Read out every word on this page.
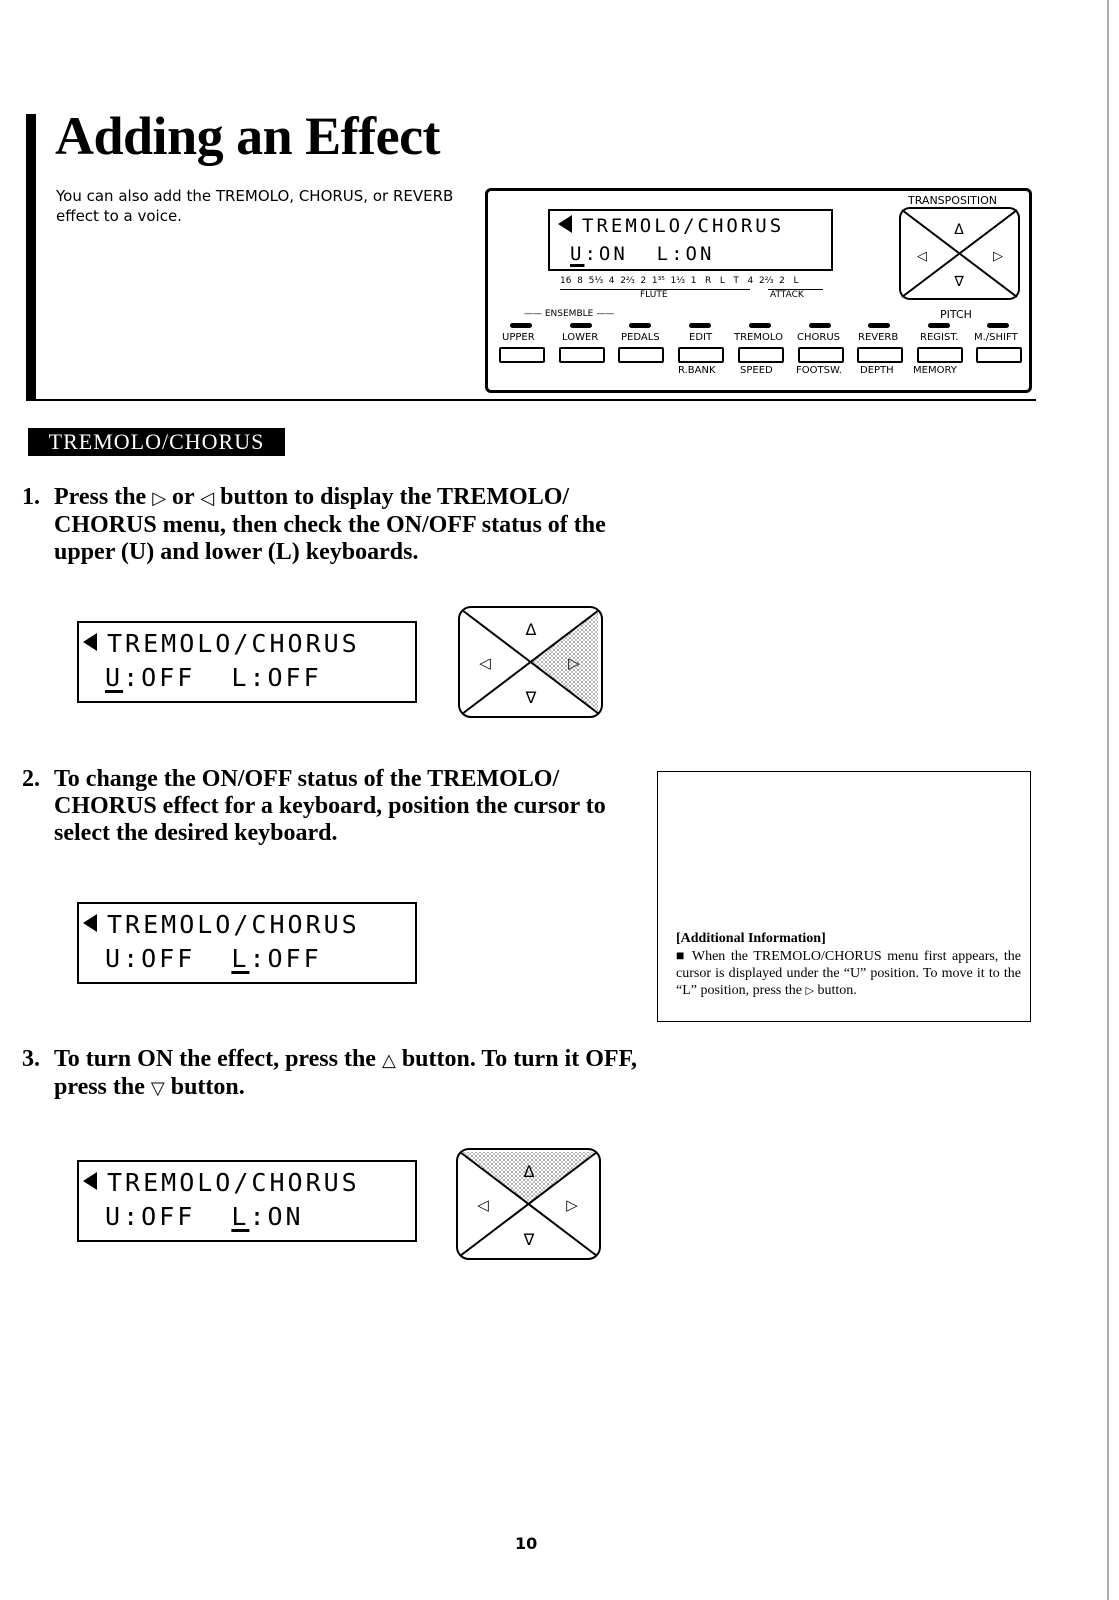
Adding an Effect
You can also add the TREMOLO, CHORUS, or REVERB effect to a voice.	TREMOLO/CHORUS
U:ON  L:ON
16  8  5⅓  4  2⅔  2  1³⁵  1⅓  1   R   L   T   4  2⅔  2   L
FLUTE	ATTACK
—— ENSEMBLE ——
TRANSPOSITION
PITCH
Δ
∇
◁	▷
UPPER	LOWER PEDALS	EDIT TREMOLO CHORUS REVERB REGIST. M./SHIFT
R.BANK SPEED FOOTSW. DEPTH MEMORY
TREMOLO/CHORUS
1. Press the ▷ or ◁ button to display the TREMOLO/ CHORUS menu, then check the ON/OFF status of the upper (U) and lower (L) keyboards.
TREMOLO/CHORUS
U:OFF  L:OFF
Δ
∇
◁	▷
2. To change the ON/OFF status of the TREMOLO/ CHORUS effect for a keyboard, position the cursor to select the desired keyboard.
TREMOLO/CHORUS
U:OFF  L:OFF
[Additional Information]
■ When the TREMOLO/CHORUS menu first appears, the cursor is displayed under the “U” position. To move it to the “L” position, press the ▷ button.
3. To turn ON the effect, press the △ button. To turn it OFF, press the ▽ button.
TREMOLO/CHORUS
U:OFF  L:ON
Δ
∇
◁	▷
10
